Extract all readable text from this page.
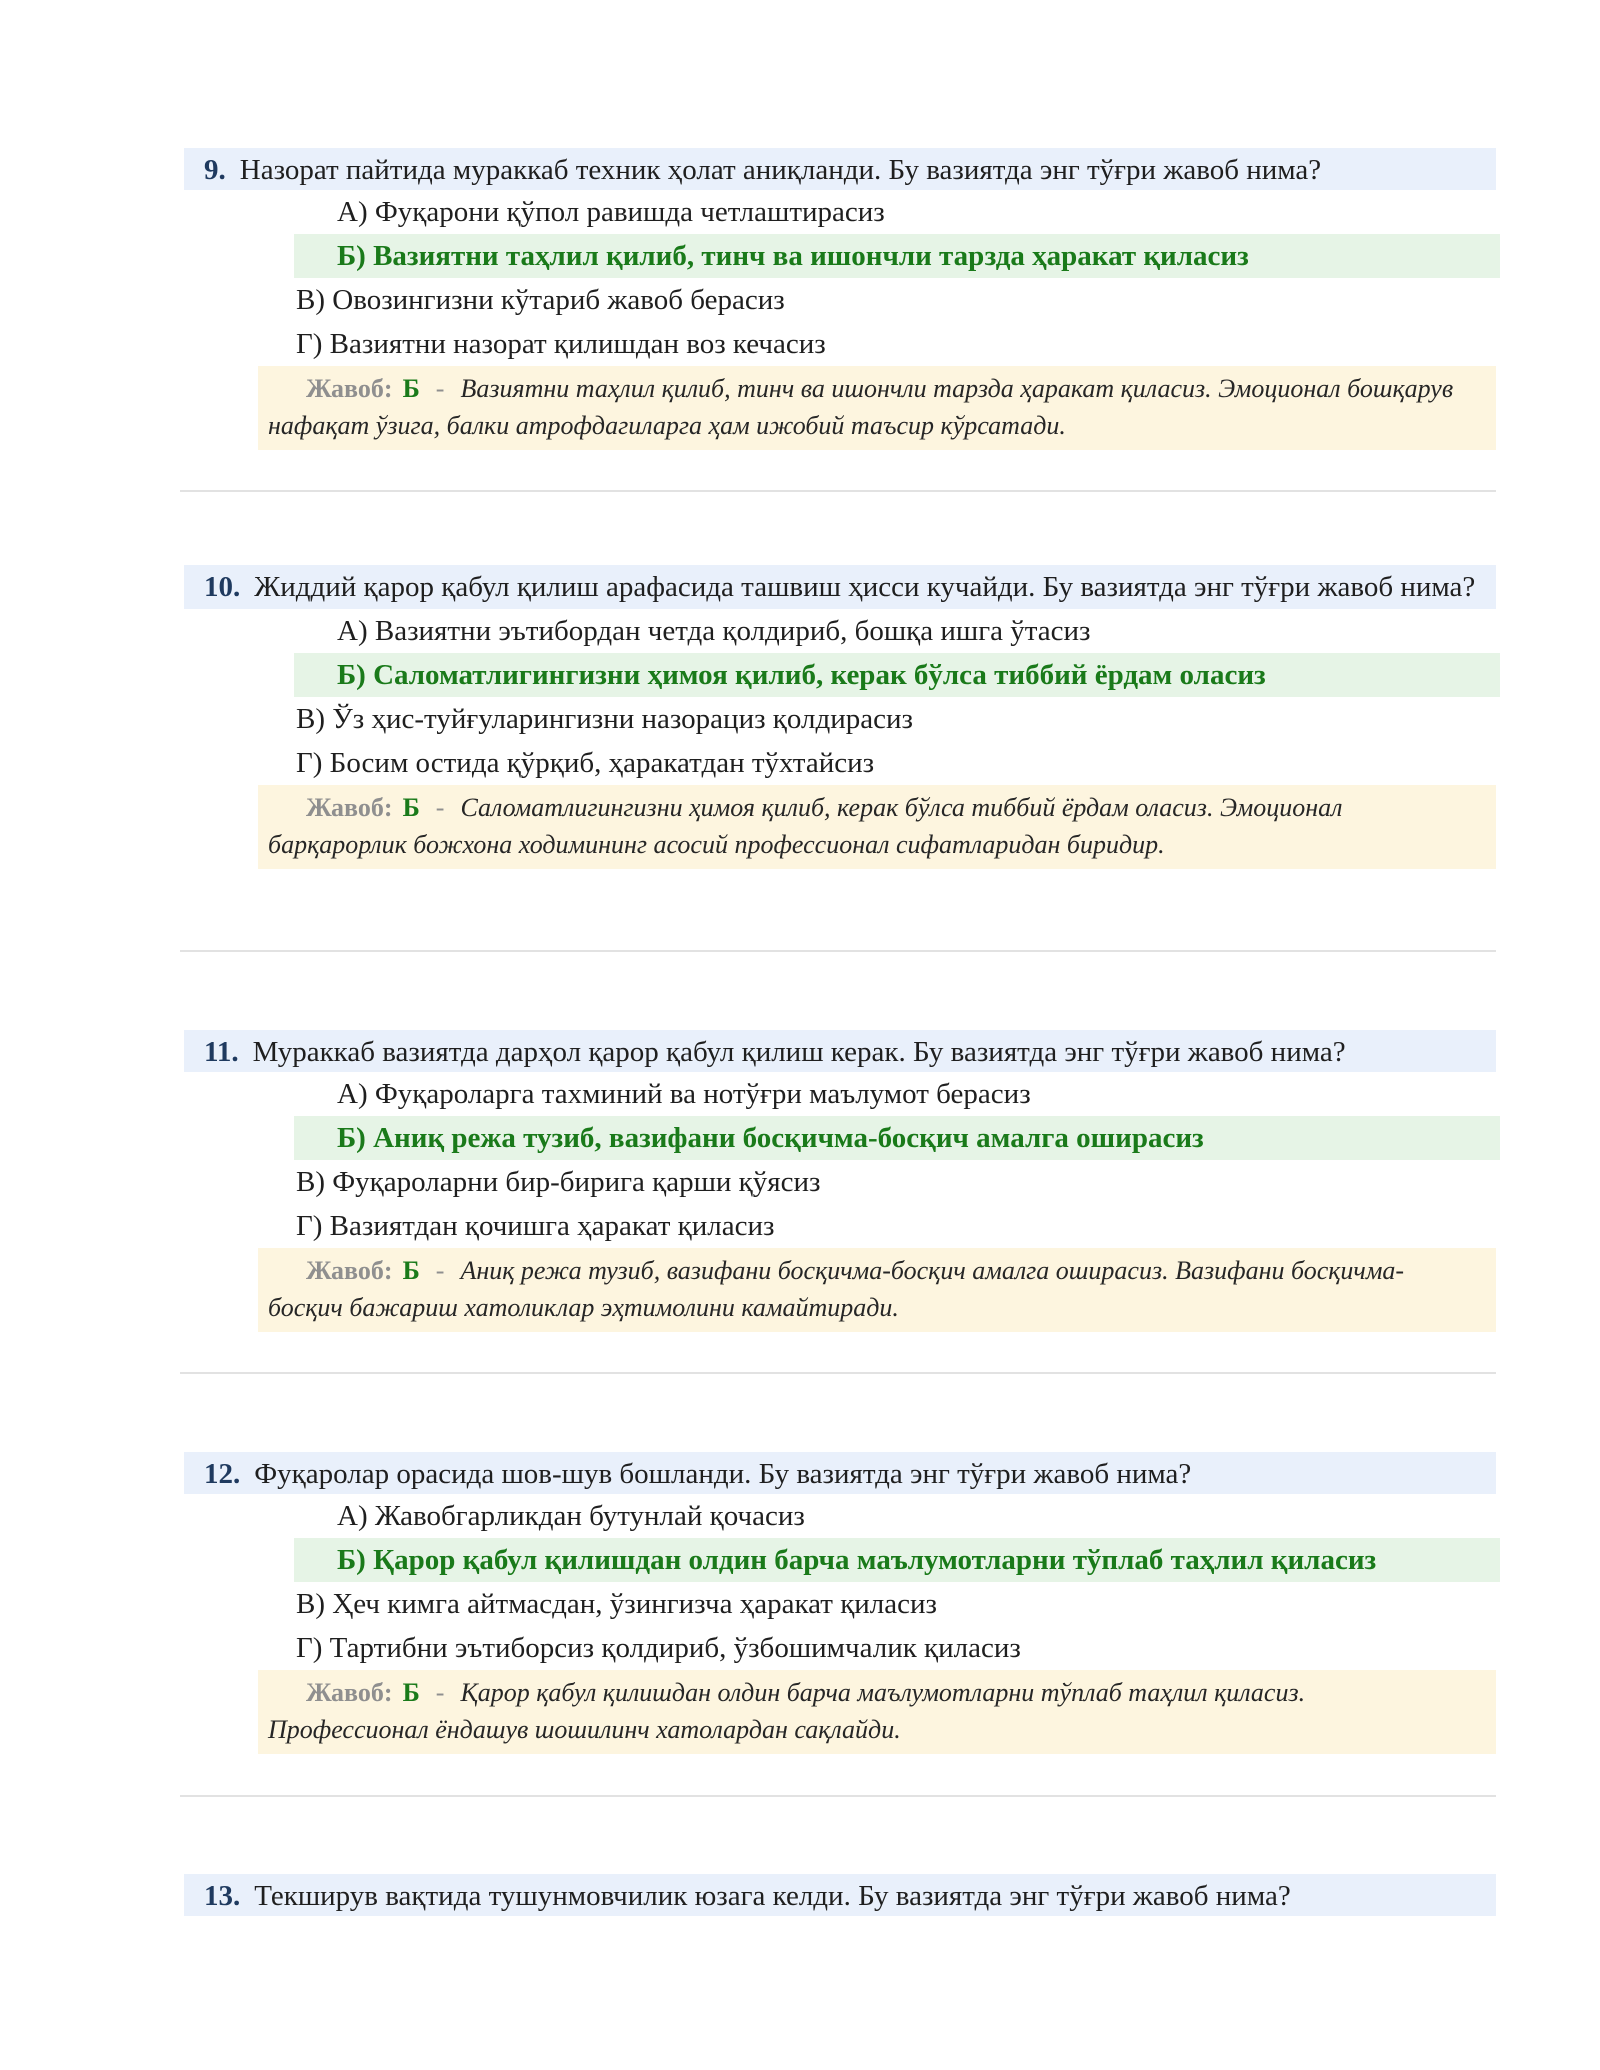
9. Назорат пайтида мураккаб техник ҳолат аниқланди. Бу вазиятда энг тўғри жавоб нима?
А) Фуқарони қўпол равишда четлаштирасиз
Б) Вазиятни таҳлил қилиб, тинч ва ишончли тарзда ҳаракат қиласиз
В) Овозингизни кўтариб жавоб берасиз
Г) Вазиятни назорат қилишдан воз кечасиз
Жавоб: Б - Вазиятни таҳлил қилиб, тинч ва ишончли тарзда ҳаракат қиласиз. Эмоционал бошқарув нафақат ўзига, балки атрофдагиларга ҳам ижобий таъсир кўрсатади.
10. Жиддий қарор қабул қилиш арафасида ташвиш ҳисси кучайди. Бу вазиятда энг тўғри жавоб нима?
А) Вазиятни эътибордан четда қолдириб, бошқа ишга ўтасиз
Б) Саломатлигингизни ҳимоя қилиб, керак бўлса тиббий ёрдам оласиз
В) Ўз ҳис-туйғуларингизни назорациз қолдирасиз
Г) Босим остида қўрқиб, ҳаракатдан тўхтайсиз
Жавоб: Б - Саломатлигингизни ҳимоя қилиб, керак бўлса тиббий ёрдам оласиз. Эмоционал барқарорлик божхона ходимининг асосий профессионал сифатларидан биридир.
11. Мураккаб вазиятда дарҳол қарор қабул қилиш керак. Бу вазиятда энг тўғри жавоб нима?
А) Фуқароларга тахминий ва нотўғри маълумот берасиз
Б) Аниқ режа тузиб, вазифани босқичма-босқич амалга оширасиз
В) Фуқароларни бир-бирига қарши қўясиз
Г) Вазиятдан қочишга ҳаракат қиласиз
Жавоб: Б - Аниқ режа тузиб, вазифани босқичма-босқич амалга оширасиз. Вазифани босқичма-босқич бажариш хатоликлар эҳтимолини камайтиради.
12. Фуқаролар орасида шов-шув бошланди. Бу вазиятда энг тўғри жавоб нима?
А) Жавобгарликдан бутунлай қочасиз
Б) Қарор қабул қилишдан олдин барча маълумотларни тўплаб таҳлил қиласиз
В) Ҳеч кимга айтмасдан, ўзингизча ҳаракат қиласиз
Г) Тартибни эътиборсиз қолдириб, ўзбошимчалик қиласиз
Жавоб: Б - Қарор қабул қилишдан олдин барча маълумотларни тўплаб таҳлил қиласиз. Профессионал ёндашув шошилинч хатолардан сақлайди.
13. Текширув вақтида тушунмовчилик юзага келди. Бу вазиятда энг тўғри жавоб нима?
